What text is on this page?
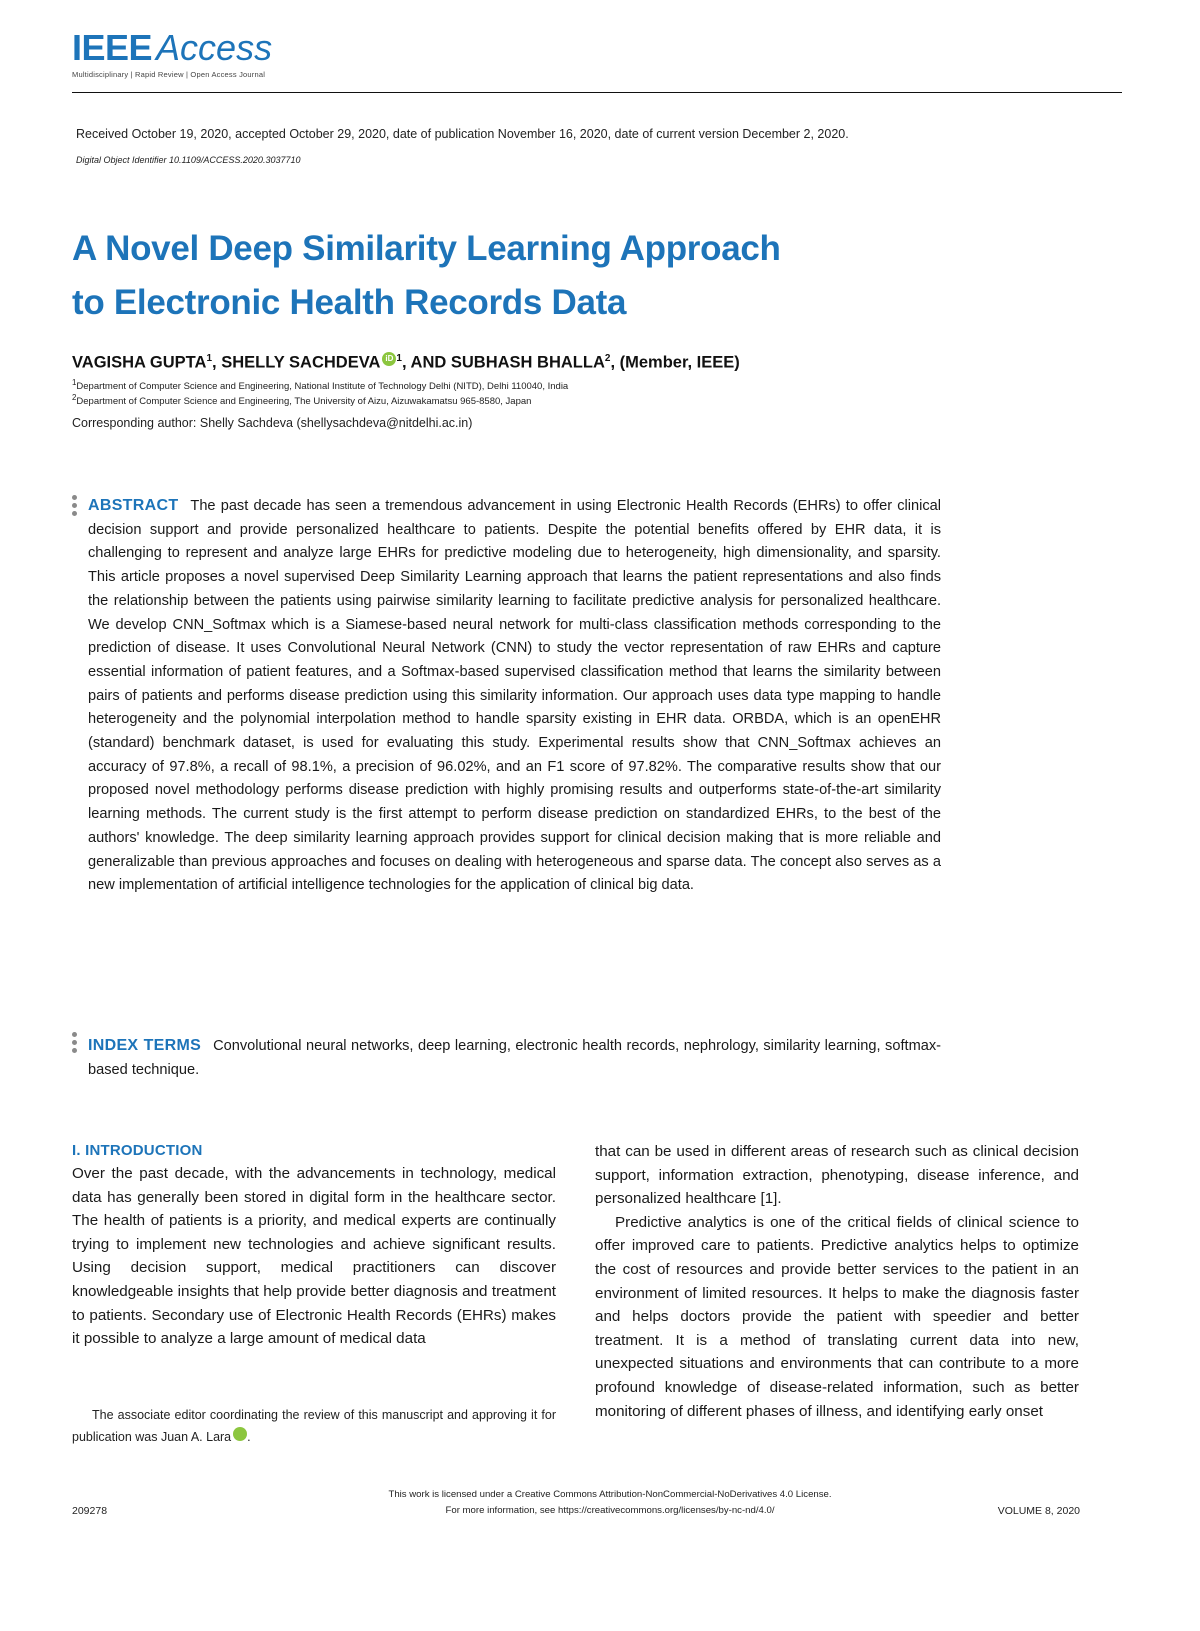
IEEE Access
Multidisciplinary | Rapid Review | Open Access Journal
Received October 19, 2020, accepted October 29, 2020, date of publication November 16, 2020, date of current version December 2, 2020.
Digital Object Identifier 10.1109/ACCESS.2020.3037710
A Novel Deep Similarity Learning Approach
to Electronic Health Records Data
VAGISHA GUPTA$^1$, SHELLY SACHDEVA iD $^1$, AND SUBHASH BHALLA$^2$, (Member, IEEE)
$^1$Department of Computer Science and Engineering, National Institute of Technology Delhi (NITD), Delhi 110040, India
$^2$Department of Computer Science and Engineering, The University of Aizu, Aizuwakamatsu 965-8580, Japan
Corresponding author: Shelly Sachdeva (shellysachdeva@nitdelhi.ac.in)
ABSTRACT The past decade has seen a tremendous advancement in using Electronic Health Records (EHRs) to offer clinical decision support and provide personalized healthcare to patients. Despite the potential benefits offered by EHR data, it is challenging to represent and analyze large EHRs for predictive modeling due to heterogeneity, high dimensionality, and sparsity. This article proposes a novel supervised Deep Similarity Learning approach that learns the patient representations and also finds the relationship between the patients using pairwise similarity learning to facilitate predictive analysis for personalized healthcare. We develop CNN_Softmax which is a Siamese-based neural network for multi-class classification methods corresponding to the prediction of disease. It uses Convolutional Neural Network (CNN) to study the vector representation of raw EHRs and capture essential information of patient features, and a Softmax-based supervised classification method that learns the similarity between pairs of patients and performs disease prediction using this similarity information. Our approach uses data type mapping to handle heterogeneity and the polynomial interpolation method to handle sparsity existing in EHR data. ORBDA, which is an openEHR (standard) benchmark dataset, is used for evaluating this study. Experimental results show that CNN_Softmax achieves an accuracy of 97.8%, a recall of 98.1%, a precision of 96.02%, and an F1 score of 97.82%. The comparative results show that our proposed novel methodology performs disease prediction with highly promising results and outperforms state-of-the-art similarity learning methods. The current study is the first attempt to perform disease prediction on standardized EHRs, to the best of the authors' knowledge. The deep similarity learning approach provides support for clinical decision making that is more reliable and generalizable than previous approaches and focuses on dealing with heterogeneous and sparse data. The concept also serves as a new implementation of artificial intelligence technologies for the application of clinical big data.
INDEX TERMS Convolutional neural networks, deep learning, electronic health records, nephrology, similarity learning, softmax-based technique.

I. INTRODUCTION

Over the past decade, with the advancements in technology, medical data has generally been stored in digital form in the healthcare sector. The health of patients is a priority, and medical experts are continually trying to implement new technologies and achieve significant results. Using decision support, medical practitioners can discover knowledgeable insights that help provide better diagnosis and treatment to patients. Secondary use of Electronic Health Records (EHRs) makes it possible to analyze a large amount of medical data

The associate editor coordinating the review of this manuscript and approving it for publication was Juan A. Lara	iD.

that can be used in different areas of research such as clinical decision support, information extraction, phenotyping, disease inference, and personalized healthcare [1].

Predictive analytics is one of the critical fields of clinical science to offer improved care to patients. Predictive analytics helps to optimize the cost of resources and provide better services to the patient in an environment of limited resources. It helps to make the diagnosis faster and helps doctors provide the patient with speedier and better treatment. It is a method of translating current data into new, unexpected situations and environments that can contribute to a more profound knowledge of disease-related information, such as better monitoring of different phases of illness, and identifying early onset

This work is licensed under a Creative Commons Attribution-NonCommercial-NoDerivatives 4.0 License.
For more information, see https://creativecommons.org/licenses/by-nc-nd/4.0/
209278	VOLUME 8, 2020
